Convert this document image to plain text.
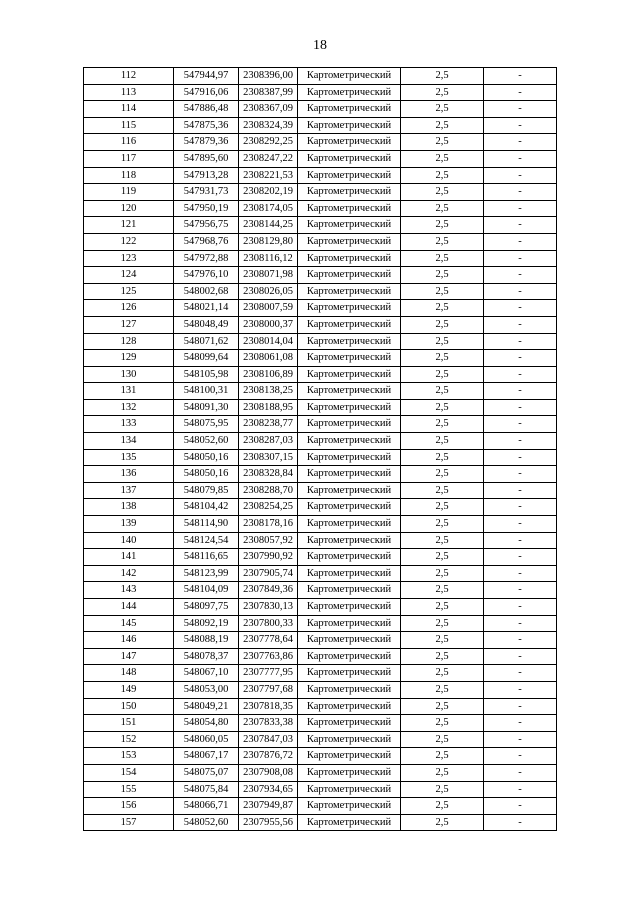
18
112	547944,97	2308396,00	Картометрический	2,5	-
113	547916,06	2308387,99	Картометрический	2,5	-
114	547886,48	2308367,09	Картометрический	2,5	-
115	547875,36	2308324,39	Картометрический	2,5	-
116	547879,36	2308292,25	Картометрический	2,5	-
117	547895,60	2308247,22	Картометрический	2,5	-
118	547913,28	2308221,53	Картометрический	2,5	-
119	547931,73	2308202,19	Картометрический	2,5	-
120	547950,19	2308174,05	Картометрический	2,5	-
121	547956,75	2308144,25	Картометрический	2,5	-
122	547968,76	2308129,80	Картометрический	2,5	-
123	547972,88	2308116,12	Картометрический	2,5	-
124	547976,10	2308071,98	Картометрический	2,5	-
125	548002,68	2308026,05	Картометрический	2,5	-
126	548021,14	2308007,59	Картометрический	2,5	-
127	548048,49	2308000,37	Картометрический	2,5	-
128	548071,62	2308014,04	Картометрический	2,5	-
129	548099,64	2308061,08	Картометрический	2,5	-
130	548105,98	2308106,89	Картометрический	2,5	-
131	548100,31	2308138,25	Картометрический	2,5	-
132	548091,30	2308188,95	Картометрический	2,5	-
133	548075,95	2308238,77	Картометрический	2,5	-
134	548052,60	2308287,03	Картометрический	2,5	-
135	548050,16	2308307,15	Картометрический	2,5	-
136	548050,16	2308328,84	Картометрический	2,5	-
137	548079,85	2308288,70	Картометрический	2,5	-
138	548104,42	2308254,25	Картометрический	2,5	-
139	548114,90	2308178,16	Картометрический	2,5	-
140	548124,54	2308057,92	Картометрический	2,5	-
141	548116,65	2307990,92	Картометрический	2,5	-
142	548123,99	2307905,74	Картометрический	2,5	-
143	548104,09	2307849,36	Картометрический	2,5	-
144	548097,75	2307830,13	Картометрический	2,5	-
145	548092,19	2307800,33	Картометрический	2,5	-
146	548088,19	2307778,64	Картометрический	2,5	-
147	548078,37	2307763,86	Картометрический	2,5	-
148	548067,10	2307777,95	Картометрический	2,5	-
149	548053,00	2307797,68	Картометрический	2,5	-
150	548049,21	2307818,35	Картометрический	2,5	-
151	548054,80	2307833,38	Картометрический	2,5	-
152	548060,05	2307847,03	Картометрический	2,5	-
153	548067,17	2307876,72	Картометрический	2,5	-
154	548075,07	2307908,08	Картометрический	2,5	-
155	548075,84	2307934,65	Картометрический	2,5	-
156	548066,71	2307949,87	Картометрический	2,5	-
157	548052,60	2307955,56	Картометрический	2,5	-
